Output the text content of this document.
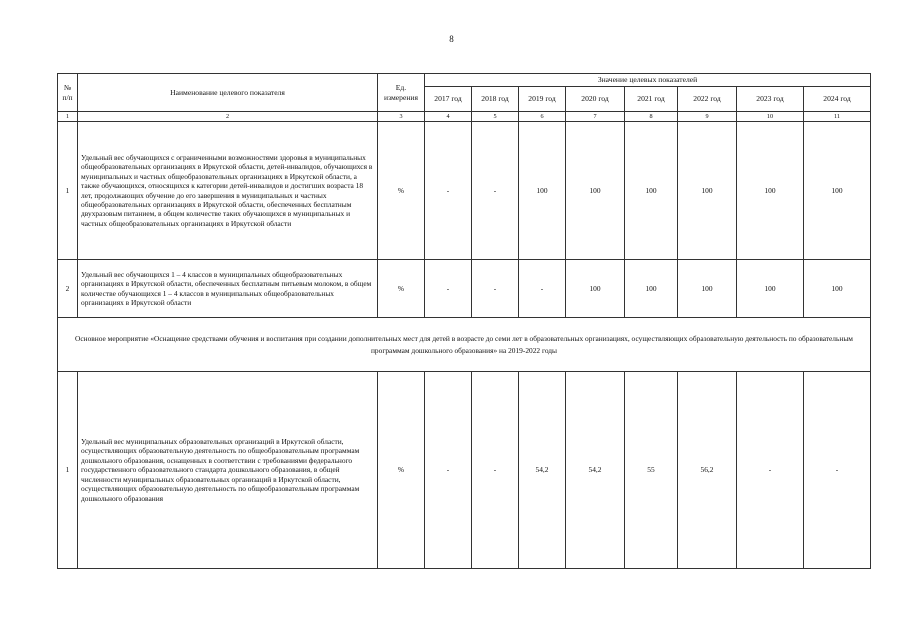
8
№ п/п	Наименование целевого показателя	Ед. измерения	Значение целевых показателей							
			2017 год	2018 год	2019 год	2020 год	2021 год	2022 год	2023 год	2024 год
1	2	3	4	5	6	7	8	9	10	11
1	Удельный вес обучающихся с ограниченными возможностями здоровья в муниципальных общеобразовательных организациях в Иркутской области, детей-инвалидов, обучающихся в муниципальных и частных общеобразовательных организациях в Иркутской области, а также обучающихся, относящихся к категории детей-инвалидов и достигших возраста 18 лет, продолжающих обучение до его завершения в муниципальных и частных общеобразовательных организациях в Иркутской области, обеспеченных бесплатным двухразовым питанием, в общем количестве таких обучающихся в муниципальных и частных общеобразовательных организациях в Иркутской области	%	-	-	100	100	100	100	100	100
2	Удельный вес обучающихся 1 – 4 классов в муниципальных общеобразовательных организациях в Иркутской области, обеспеченных бесплатным питьевым молоком, в общем количестве обучающихся 1 – 4 классов в муниципальных общеобразовательных организациях в Иркутской области	%	-	-	-	100	100	100	100	100
Основное мероприятие «Оснащение средствами обучения и воспитания при создании дополнительных мест для детей в возрасте до семи лет в образовательных организациях, осуществляющих образовательную деятельность по образовательным программам дошкольного образования» на 2019-2022 годы										
1	Удельный вес муниципальных образовательных организаций в Иркутской области, осуществляющих образовательную деятельность по общеобразовательным программам дошкольного образования, оснащенных в соответствии с требованиями федерального государственного образовательного стандарта дошкольного образования, в общей численности муниципальных образовательных организаций в Иркутской области, осуществляющих образовательную деятельность по общеобразовательным программам дошкольного образования	%	-	-	54,2	54,2	55	56,2	-	-
